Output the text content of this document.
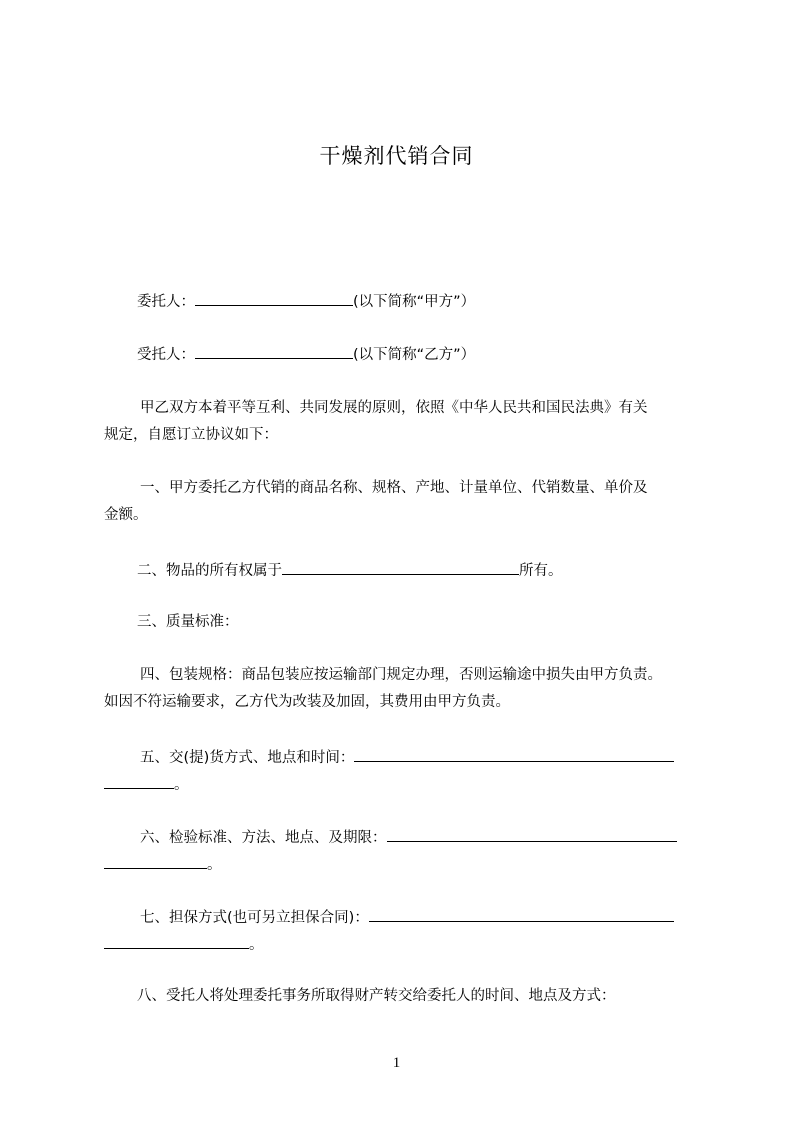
干燥剂代销合同
委托人：	(以下简称“甲方”）
受托人：	(以下简称“乙方”）
甲乙双方本着平等互利、共同发展的原则，依照《中华人民共和国民法典》有关
规定，自愿订立协议如下：
一、甲方委托乙方代销的商品名称、规格、产地、计量单位、代销数量、单价及
金额。
二、物品的所有权属于	所有。
三、质量标准：
四、包装规格：商品包装应按运输部门规定办理，否则运输途中损失由甲方负责。
如因不符运输要求，乙方代为改装及加固，其费用由甲方负责。
五、交(提)货方式、地点和时间：
。
六、检验标准、方法、地点、及期限：
。
七、担保方式(也可另立担保合同)：
。
八、受托人将处理委托事务所取得财产转交给委托人的时间、地点及方式：
1
